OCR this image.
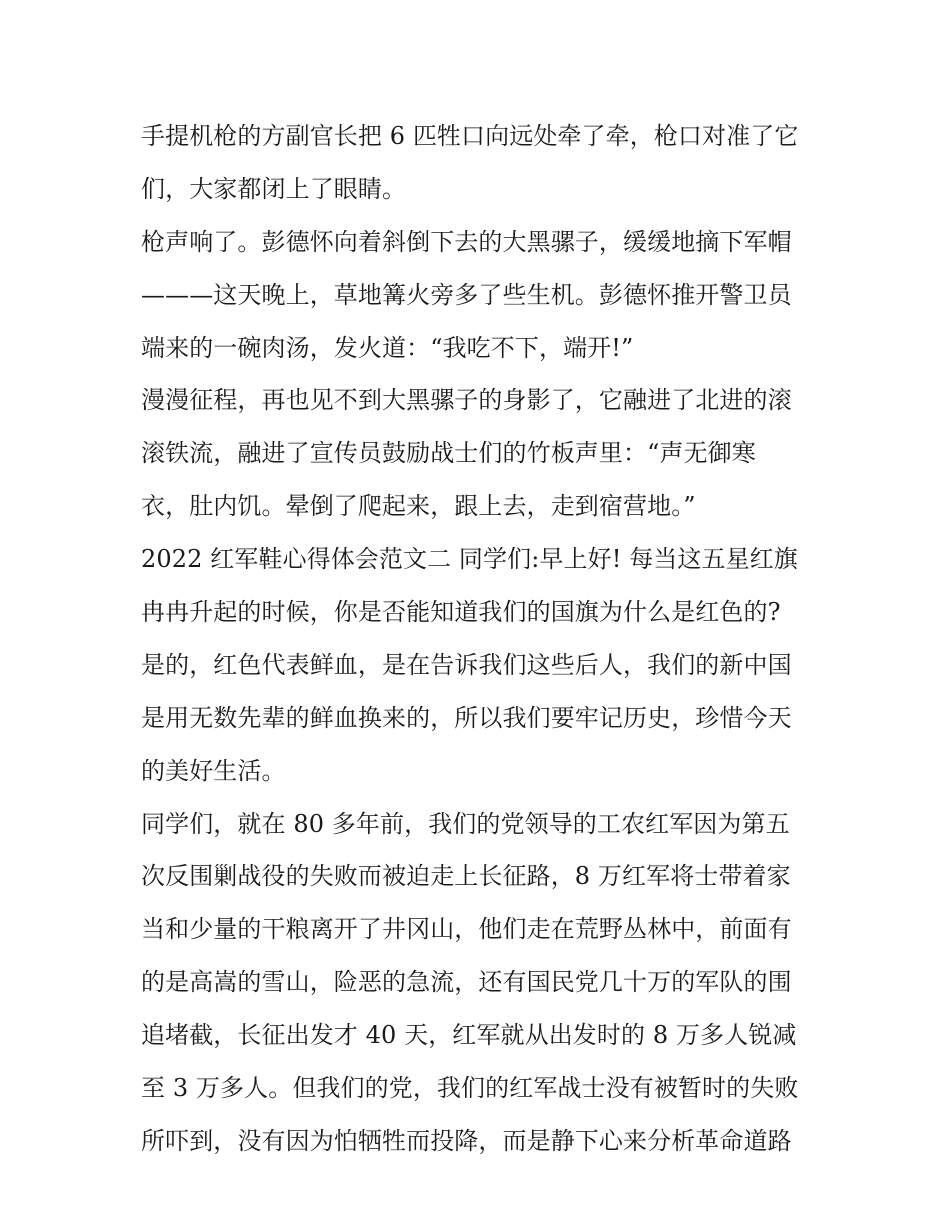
手提机枪的方副官长把 6 匹牲口向远处牵了牵，枪口对准了它
们，大家都闭上了眼睛。
枪声响了。彭德怀向着斜倒下去的大黑骡子，缓缓地摘下军帽
———这天晚上，草地篝火旁多了些生机。彭德怀推开警卫员
端来的一碗肉汤，发火道：“我吃不下，端开!”
漫漫征程，再也见不到大黑骡子的身影了，它融进了北进的滚
滚铁流，融进了宣传员鼓励战士们的竹板声里：“声无御寒
衣，肚内饥。晕倒了爬起来，跟上去，走到宿营地。”
2022 红军鞋心得体会范文二 同学们:早上好! 每当这五星红旗
冉冉升起的时候，你是否能知道我们的国旗为什么是红色的?
是的，红色代表鲜血，是在告诉我们这些后人，我们的新中国
是用无数先辈的鲜血换来的，所以我们要牢记历史，珍惜今天
的美好生活。
同学们，就在 80 多年前，我们的党领导的工农红军因为第五
次反围剿战役的失败而被迫走上长征路，8 万红军将士带着家
当和少量的干粮离开了井冈山，他们走在荒野丛林中，前面有
的是高嵩的雪山，险恶的急流，还有国民党几十万的军队的围
追堵截，长征出发才 40 天，红军就从出发时的 8 万多人锐减
至 3 万多人。但我们的党，我们的红军战士没有被暂时的失败
所吓到，没有因为怕牺牲而投降，而是静下心来分析革命道路
